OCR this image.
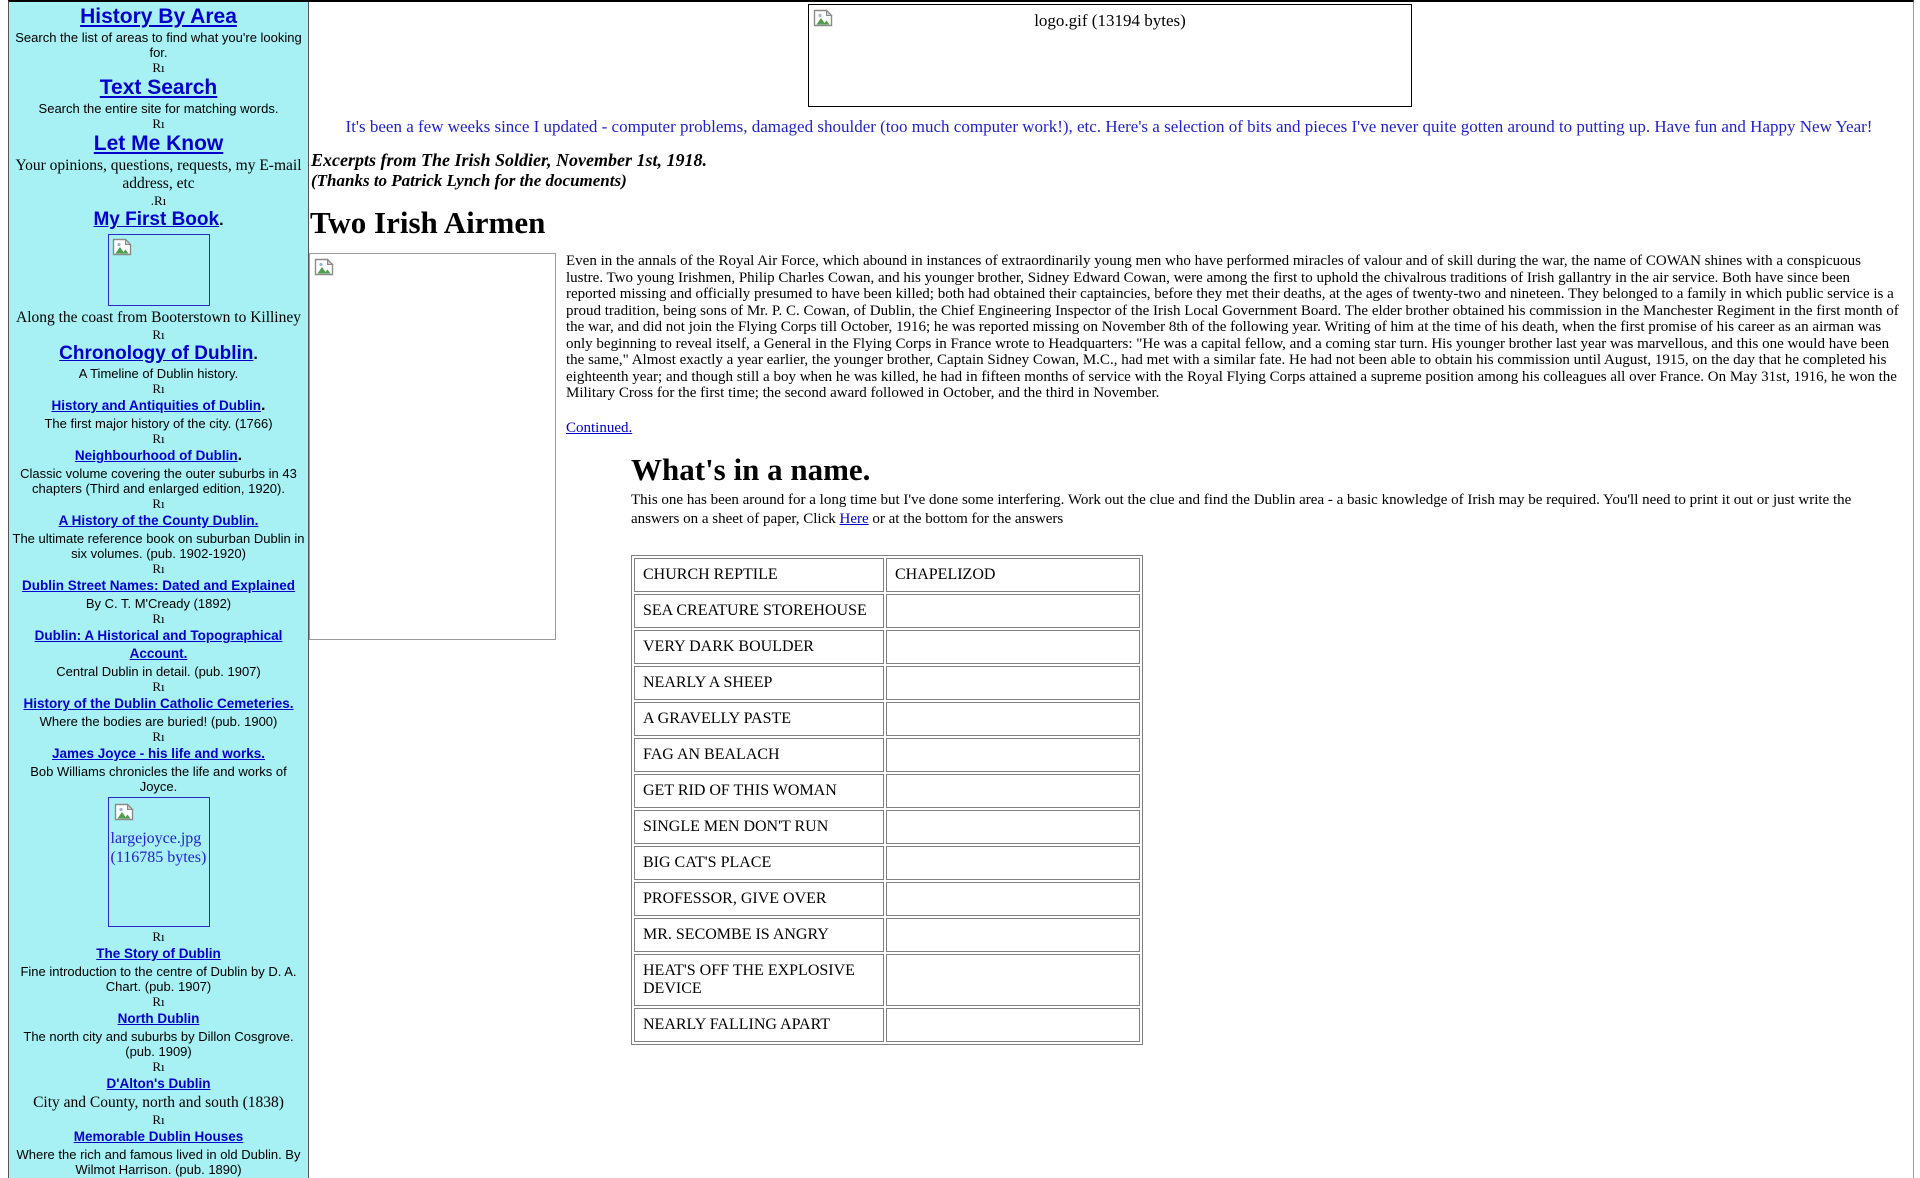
History By Area
Search the list of areas to find what you're looking for.
Rı
Text Search
Search the entire site for matching words.
Rı
Let Me Know
Your opinions, questions, requests, my E-mail address, etc
.Rı
My First Book.
Along the coast from Booterstown to Killiney
Rı
Chronology of Dublin.
A Timeline of Dublin history.
Rı
History and Antiquities of Dublin.
The first major history of the city. (1766)
Rı
Neighbourhood of Dublin.
Classic volume covering the outer suburbs in 43 chapters (Third and enlarged edition, 1920).
Rı
A History of the County Dublin.
The ultimate reference book on suburban Dublin in six volumes. (pub. 1902-1920)
Rı
Dublin Street Names: Dated and Explained
By C. T. M'Cready (1892)
Rı
Dublin: A Historical and Topographical Account.
Central Dublin in detail. (pub. 1907)
Rı
History of the Dublin Catholic Cemeteries.
Where the bodies are buried! (pub. 1900)
Rı
James Joyce - his life and works.
Bob Williams chronicles the life and works of Joyce.
largejoyce.jpg (116785 bytes)
Rı
The Story of Dublin
Fine introduction to the centre of Dublin by D. A. Chart. (pub. 1907)
Rı
North Dublin
The north city and suburbs by Dillon Cosgrove. (pub. 1909)
Rı
D'Alton's Dublin
City and County, north and south (1838)
Rı
Memorable Dublin Houses
Where the rich and famous lived in old Dublin. By Wilmot Harrison. (pub. 1890)
logo.gif (13194 bytes)
It's been a few weeks since I updated - computer problems, damaged shoulder (too much computer work!), etc. Here's a selection of bits and pieces I've never quite gotten around to putting up. Have fun and Happy New Year!
Excerpts from The Irish Soldier, November 1st, 1918.
(Thanks to Patrick Lynch for the documents)
Two Irish Airmen

Even in the annals of the Royal Air Force, which abound in instances of extraordinarily young men who have performed miracles of valour and of skill during the war, the name of COWAN shines with a conspicuous lustre. Two young Irishmen, Philip Charles Cowan, and his younger brother, Sidney Edward Cowan, were among the first to uphold the chivalrous traditions of Irish gallantry in the air service. Both have since been reported missing and officially presumed to have been killed; both had obtained their captaincies, before they met their deaths, at the ages of twenty-two and nineteen. They belonged to a family in which public service is a proud tradition, being sons of Mr. P. C. Cowan, of Dublin, the Chief Engineering Inspector of the Irish Local Government Board. The elder brother obtained his commission in the Manchester Regiment in the first month of the war, and did not join the Flying Corps till October, 1916; he was reported missing on November 8th of the following year. Writing of him at the time of his death, when the first promise of his career as an airman was only beginning to reveal itself, a General in the Flying Corps in France wrote to Headquarters: "He was a capital fellow, and a coming star turn. His younger brother last year was marvellous, and this one would have been the same," Almost exactly a year earlier, the younger brother, Captain Sidney Cowan, M.C., had met with a similar fate. He had not been able to obtain his commission until August, 1915, on the day that he completed his eighteenth year; and though still a boy when he was killed, he had in fifteen months of service with the Royal Flying Corps attained a supreme position among his colleagues all over France. On May 31st, 1916, he won the Military Cross for the first time; the second award followed in October, and the third in November.

Continued.
What's in a name.

This one has been around for a long time but I've done some interfering. Work out the clue and find the Dublin area - a basic knowledge of Irish may be required. You'll need to print it out or just write the answers on a sheet of paper, Click Here or at the bottom for the answers

CHURCH REPTILE	CHAPELIZOD
SEA CREATURE STOREHOUSE	
VERY DARK BOULDER	
NEARLY A SHEEP	
A GRAVELLY PASTE	
FAG AN BEALACH	
GET RID OF THIS WOMAN	
SINGLE MEN DON'T RUN	
BIG CAT'S PLACE	
PROFESSOR, GIVE OVER	
MR. SECOMBE IS ANGRY	
HEAT'S OFF THE EXPLOSIVE DEVICE	
NEARLY FALLING APART	
